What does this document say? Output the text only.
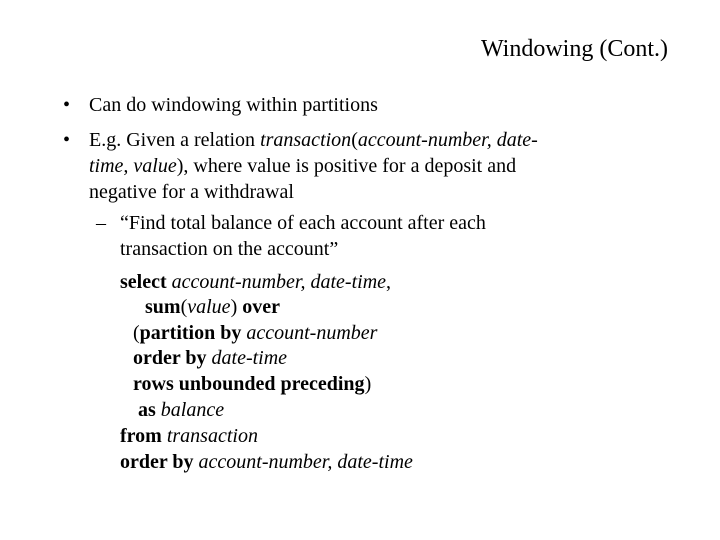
Windowing (Cont.)
• Can do windowing within partitions
• E.g. Given a relation transaction(account-number, date-
time, value), where value is positive for a deposit and
negative for a withdrawal
– “Find total balance of each account after each
transaction on the account”
select account-number, date-time,
sum(value) over
(partition by account-number
order by date-time
rows unbounded preceding)
as balance
from transaction
order by account-number, date-time
